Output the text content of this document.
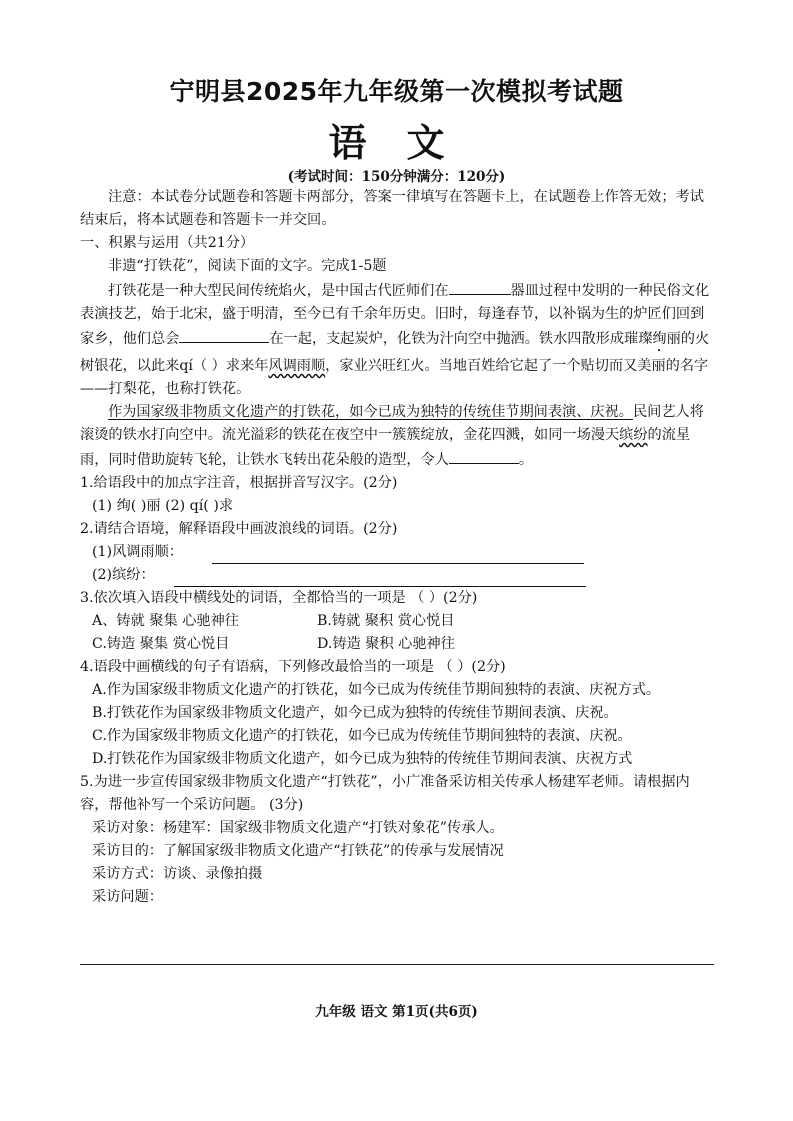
宁明县2025年九年级第一次模拟考试题
语文
(考试时间：150分钟满分：120分)

注意：本试卷分试题卷和答题卡两部分，答案一律填写在答题卡上，在试题卷上作答无效；考试结束后，将本试题卷和答题卡一并交回。

一、积累与运用（共21分）

非遗“打铁花”，阅读下面的文字。完成1-5题

打铁花是一种大型民间传统焰火，是中国古代匠师们在	器皿过程中发明的一种民俗文化表演技艺，始于北宋，盛于明清，至今已有千余年历史。旧时，每逢春节，以补锅为生的炉匠们回到家乡，他们总会	在一起，支起炭炉，化铁为汁向空中抛洒。铁水四散形成璀璨绚丽的火树银花，以此来qí（ ）求来年风调雨顺，家业兴旺红火。当地百姓给它起了一个贴切而又美丽的名字——打梨花，也称打铁花。

作为国家级非物质文化遗产的打铁花，如今已成为独特的传统佳节期间表演、庆祝。民间艺人将滚烫的铁水打向空中。流光溢彩的铁花在夜空中一簇簇绽放，金花四溅，如同一场漫天缤纷的流星雨，同时借助旋转飞轮，让铁水飞转出花朵般的造型，令人	。

1.给语段中的加点字注音，根据拼音写汉字。(2分)

(1) 绚( )丽 (2) qí( )求

2.请结合语境，解释语段中画波浪线的词语。(2分)

(1)风调雨顺：
(2)缤纷：

3.依次填入语段中横线处的词语，全都恰当的一项是 （ ）(2分)

A、铸就 聚集 心驰神往	B.铸就 聚积 赏心悦目
C.铸造 聚集 赏心悦目	D.铸造 聚积 心驰神往

4.语段中画横线的句子有语病，下列修改最恰当的一项是 （ ）(2分)

A.作为国家级非物质文化遗产的打铁花，如今已成为传统佳节期间独特的表演、庆祝方式。

B.打铁花作为国家级非物质文化遗产，如今已成为独特的传统佳节期间表演、庆祝。

C.作为国家级非物质文化遗产的打铁花，如今已成为传统佳节期间独特的表演、庆祝。

D.打铁花作为国家级非物质文化遗产，如今已成为独特的传统佳节期间表演、庆祝方式

5.为进一步宣传国家级非物质文化遗产“打铁花”，小广准备采访相关传承人杨建军老师。请根据内容，帮他补写一个采访问题。 (3分)

采访对象：杨建军：国家级非物质文化遗产“打铁对象花”传承人。

采访目的：了解国家级非物质文化遗产“打铁花”的传承与发展情况

采访方式：访谈、录像拍摄

采访问题：

九年级 语文 第1页(共6页)
